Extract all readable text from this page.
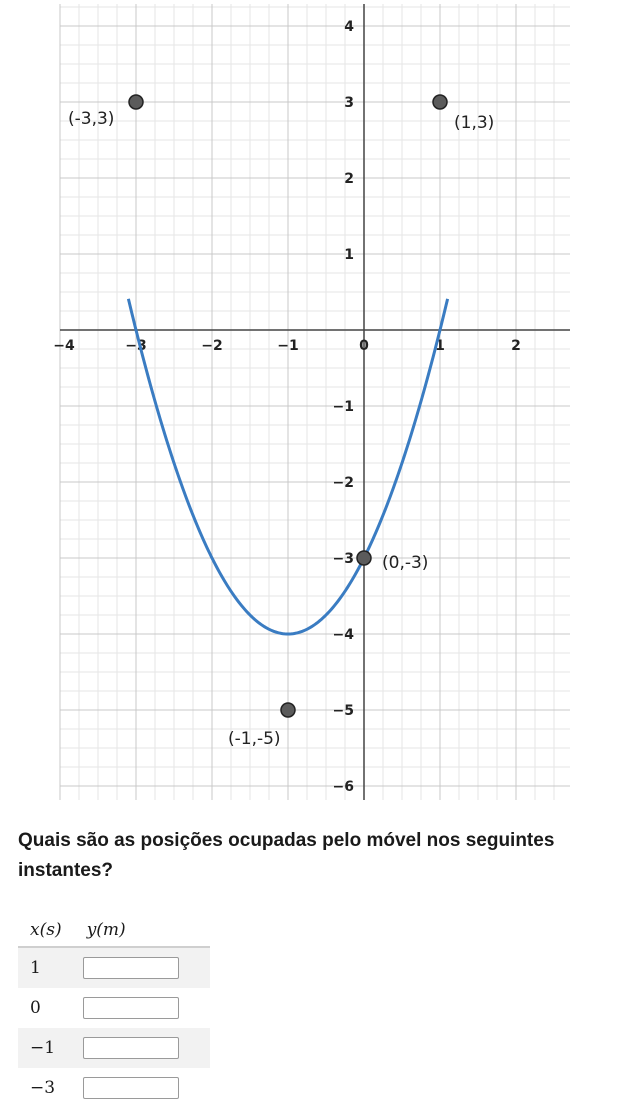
−4	−3	−2	−1	0	1	2
−6
−5
−4
−3
−2
−1
1
2
3
4
(-3,3)	(1,3)
(0,-3)
(-1,-5)
Quais são as posições ocupadas pelo móvel nos seguintes
instantes?
x(s)	y(m)
1	
0	
−1	
−3	
